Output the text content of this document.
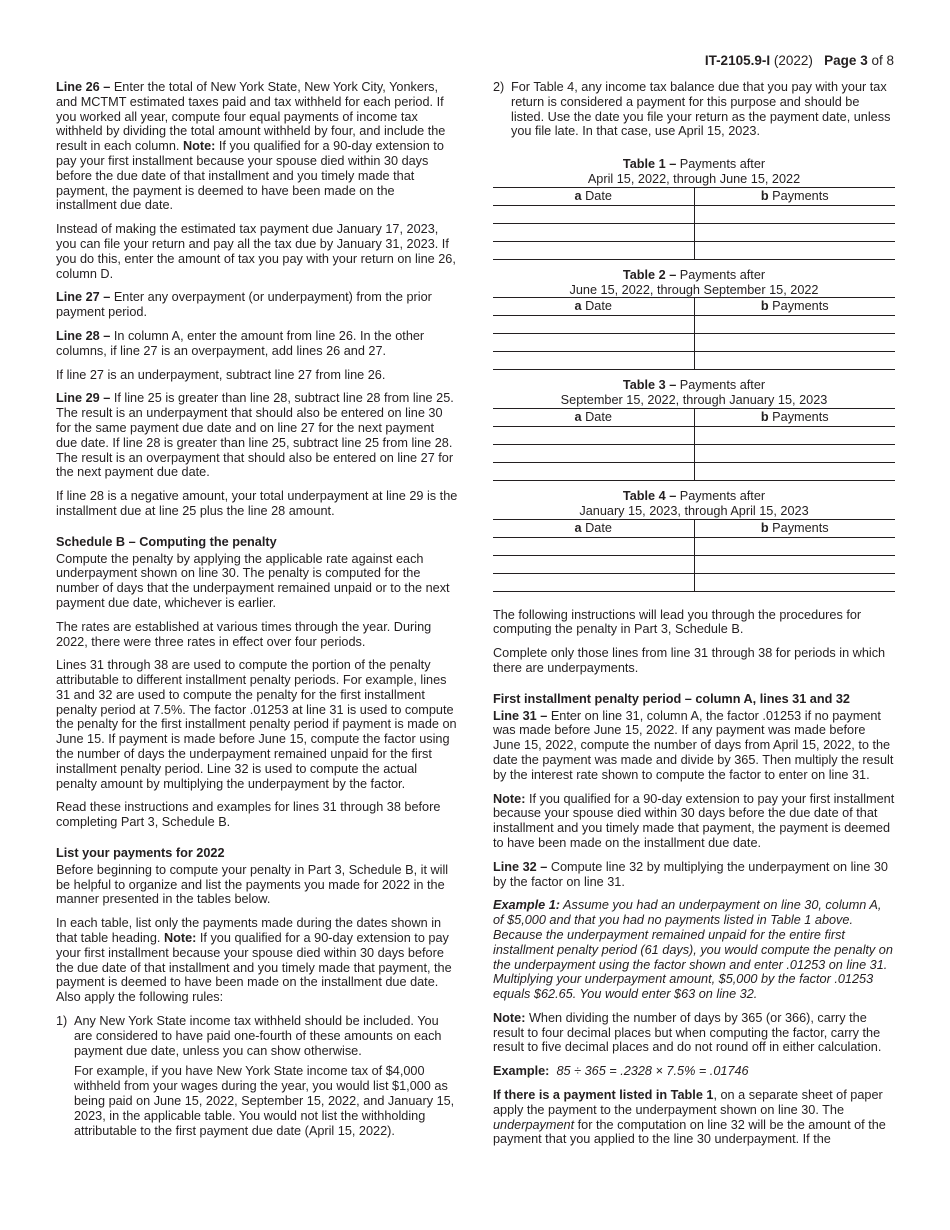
IT-2105.9-I (2022) Page 3 of 8

Line 26 – Enter the total of New York State, New York City, Yonkers, and MCTMT estimated taxes paid and tax withheld for each period. If you worked all year, compute four equal payments of income tax withheld by dividing the total amount withheld by four, and include the result in each column. Note: If you qualified for a 90-day extension to pay your first installment because your spouse died within 30 days before the due date of that installment and you timely made that payment, the payment is deemed to have been made on the installment due date.

Instead of making the estimated tax payment due January 17, 2023, you can file your return and pay all the tax due by January 31, 2023. If you do this, enter the amount of tax you pay with your return on line 26, column D.

Line 27 – Enter any overpayment (or underpayment) from the prior payment period.

Line 28 – In column A, enter the amount from line 26. In the other columns, if line 27 is an overpayment, add lines 26 and 27.

If line 27 is an underpayment, subtract line 27 from line 26.

Line 29 – If line 25 is greater than line 28, subtract line 28 from line 25. The result is an underpayment that should also be entered on line 30 for the same payment due date and on line 27 for the next payment due date. If line 28 is greater than line 25, subtract line 25 from line 28. The result is an overpayment that should also be entered on line 27 for the next payment due date.

If line 28 is a negative amount, your total underpayment at line 29 is the installment due at line 25 plus the line 28 amount.

Schedule B – Computing the penalty

Compute the penalty by applying the applicable rate against each underpayment shown on line 30. The penalty is computed for the number of days that the underpayment remained unpaid or to the next payment due date, whichever is earlier.

The rates are established at various times through the year. During 2022, there were three rates in effect over four periods.

Lines 31 through 38 are used to compute the portion of the penalty attributable to different installment penalty periods. For example, lines 31 and 32 are used to compute the penalty for the first installment penalty period at 7.5%. The factor .01253 at line 31 is used to compute the penalty for the first installment penalty period if payment is made on June 15. If payment is made before June 15, compute the factor using the number of days the underpayment remained unpaid for the first installment penalty period. Line 32 is used to compute the actual penalty amount by multiplying the underpayment by the factor.

Read these instructions and examples for lines 31 through 38 before completing Part 3, Schedule B.

List your payments for 2022

Before beginning to compute your penalty in Part 3, Schedule B, it will be helpful to organize and list the payments you made for 2022 in the manner presented in the tables below.

In each table, list only the payments made during the dates shown in that table heading. Note: If you qualified for a 90-day extension to pay your first installment because your spouse died within 30 days before the due date of that installment and you timely made that payment, the payment is deemed to have been made on the installment due date. Also apply the following rules:

1) Any New York State income tax withheld should be included. You are considered to have paid one-fourth of these amounts on each payment due date, unless you can show otherwise.
For example, if you have New York State income tax of $4,000 withheld from your wages during the year, you would list $1,000 as being paid on June 15, 2022, September 15, 2022, and January 15, 2023, in the applicable table. You would not list the withholding attributable to the first payment due date (April 15, 2022).
2) For Table 4, any income tax balance due that you pay with your tax return is considered a payment for this purpose and should be listed. Use the date you file your return as the payment date, unless you file late. In that case, use April 15, 2023.
Table 1 – Payments after
April 15, 2022, through June 15, 2022
a Date	b Payments

Table 2 – Payments after
June 15, 2022, through September 15, 2022
a Date	b Payments

Table 3 – Payments after
September 15, 2022, through January 15, 2023
a Date	b Payments

Table 4 – Payments after
January 15, 2023, through April 15, 2023
a Date	b Payments

The following instructions will lead you through the procedures for computing the penalty in Part 3, Schedule B.

Complete only those lines from line 31 through 38 for periods in which there are underpayments.

First installment penalty period – column A, lines 31 and 32

Line 31 – Enter on line 31, column A, the factor .01253 if no payment was made before June 15, 2022. If any payment was made before June 15, 2022, compute the number of days from April 15, 2022, to the date the payment was made and divide by 365. Then multiply the result by the interest rate shown to compute the factor to enter on line 31.

Note: If you qualified for a 90-day extension to pay your first installment because your spouse died within 30 days before the due date of that installment and you timely made that payment, the payment is deemed to have been made on the installment due date.

Line 32 – Compute line 32 by multiplying the underpayment on line 30 by the factor on line 31.

Example 1: Assume you had an underpayment on line 30, column A, of $5,000 and that you had no payments listed in Table 1 above. Because the underpayment remained unpaid for the entire first installment penalty period (61 days), you would compute the penalty on the underpayment using the factor shown and enter .01253 on line 31. Multiplying your underpayment amount, $5,000 by the factor .01253 equals $62.65. You would enter $63 on line 32.

Note: When dividing the number of days by 365 (or 366), carry the result to four decimal places but when computing the factor, carry the result to five decimal places and do not round off in either calculation.

Example:  85 ÷ 365 = .2328 × 7.5% = .01746

If there is a payment listed in Table 1, on a separate sheet of paper apply the payment to the underpayment shown on line 30. The underpayment for the computation on line 32 will be the amount of the payment that you applied to the line 30 underpayment. If the
